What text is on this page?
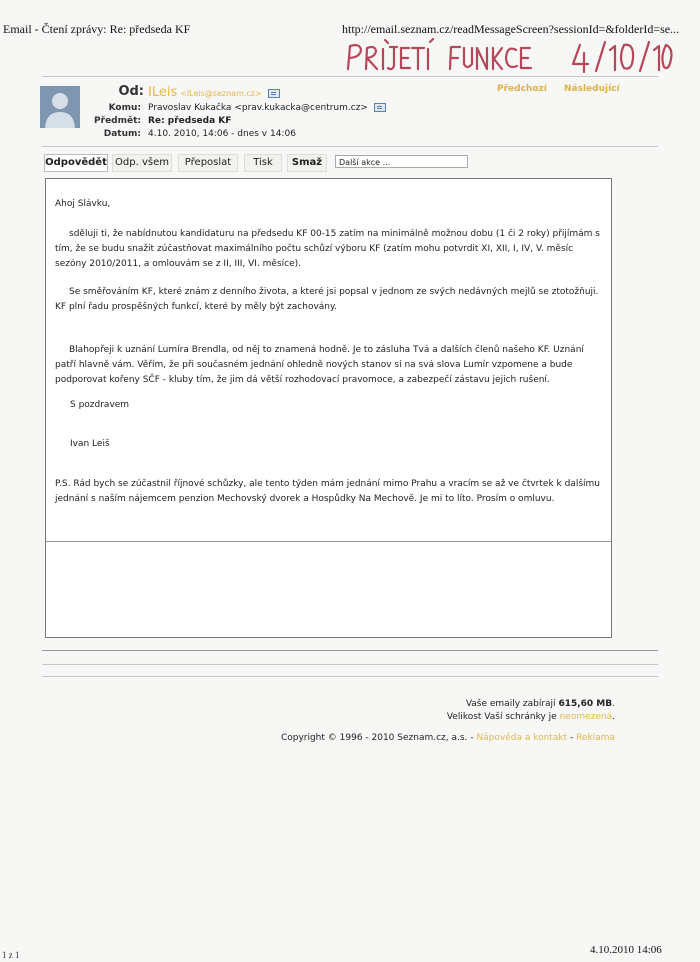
Email - Čtení zprávy: Re: předseda KF	http://email.seznam.cz/readMessageScreen?sessionId=&folderId=se...
Od: ILeis <ILeis@seznam.cz>
Komu: Pravoslav Kukačka <prav.kukacka@centrum.cz>
Předmět: Re: předseda KF
Datum: 4.10. 2010, 14:06 - dnes v 14:06
Předchozí Následující
Odpovědět Odp. všem	Přeposlat	Tisk	Smaž	Další akce ...

Ahoj Slávku,

sděluji ti, že nabídnutou kandidaturu na předsedu KF 00-15 zatím na minimálně možnou dobu (1 či 2 roky) přijímám s tím, že se budu snažit zúčastňovat maximálního počtu schůzí výboru KF (zatím mohu potvrdit XI, XII, I, IV, V. měsíc sezóny 2010/2011, a omlouvám se z II, III, VI. měsíce).

Se směřováním KF, které znám z denního života, a které jsi popsal v jednom ze svých nedávných mejlů se ztotožňuji. KF plní řadu prospěšných funkcí, které by měly být zachovány.

Blahopřeji k uznání Lumíra Brendla, od něj to znamená hodně. Je to zásluha Tvá a dalších členů našeho KF. Uznání patří hlavně vám. Věřím, že při současném jednání ohledně nových stanov si na svá slova Lumír vzpomene a bude podporovat kořeny SČF - kluby tím, že jim dá větší rozhodovací pravomoce, a zabezpečí zástavu jejich rušení.

S pozdravem

Ivan Leiš

P.S. Rád bych se zúčastnil říjnové schůzky, ale tento týden mám jednání mimo Prahu a vracím se až ve čtvrtek k dalšímu jednání s naším nájemcem penzion Mechovský dvorek a Hospůdky Na Mechově. Je mi to líto. Prosím o omluvu.

Vaše emaily zabírají 615,60 MB.
Velikost Vaší schránky je neomezená.
Copyright © 1996 - 2010 Seznam.cz, a.s. - Nápověda a kontakt - Reklama
1 z 1	4.10.2010 14:06
